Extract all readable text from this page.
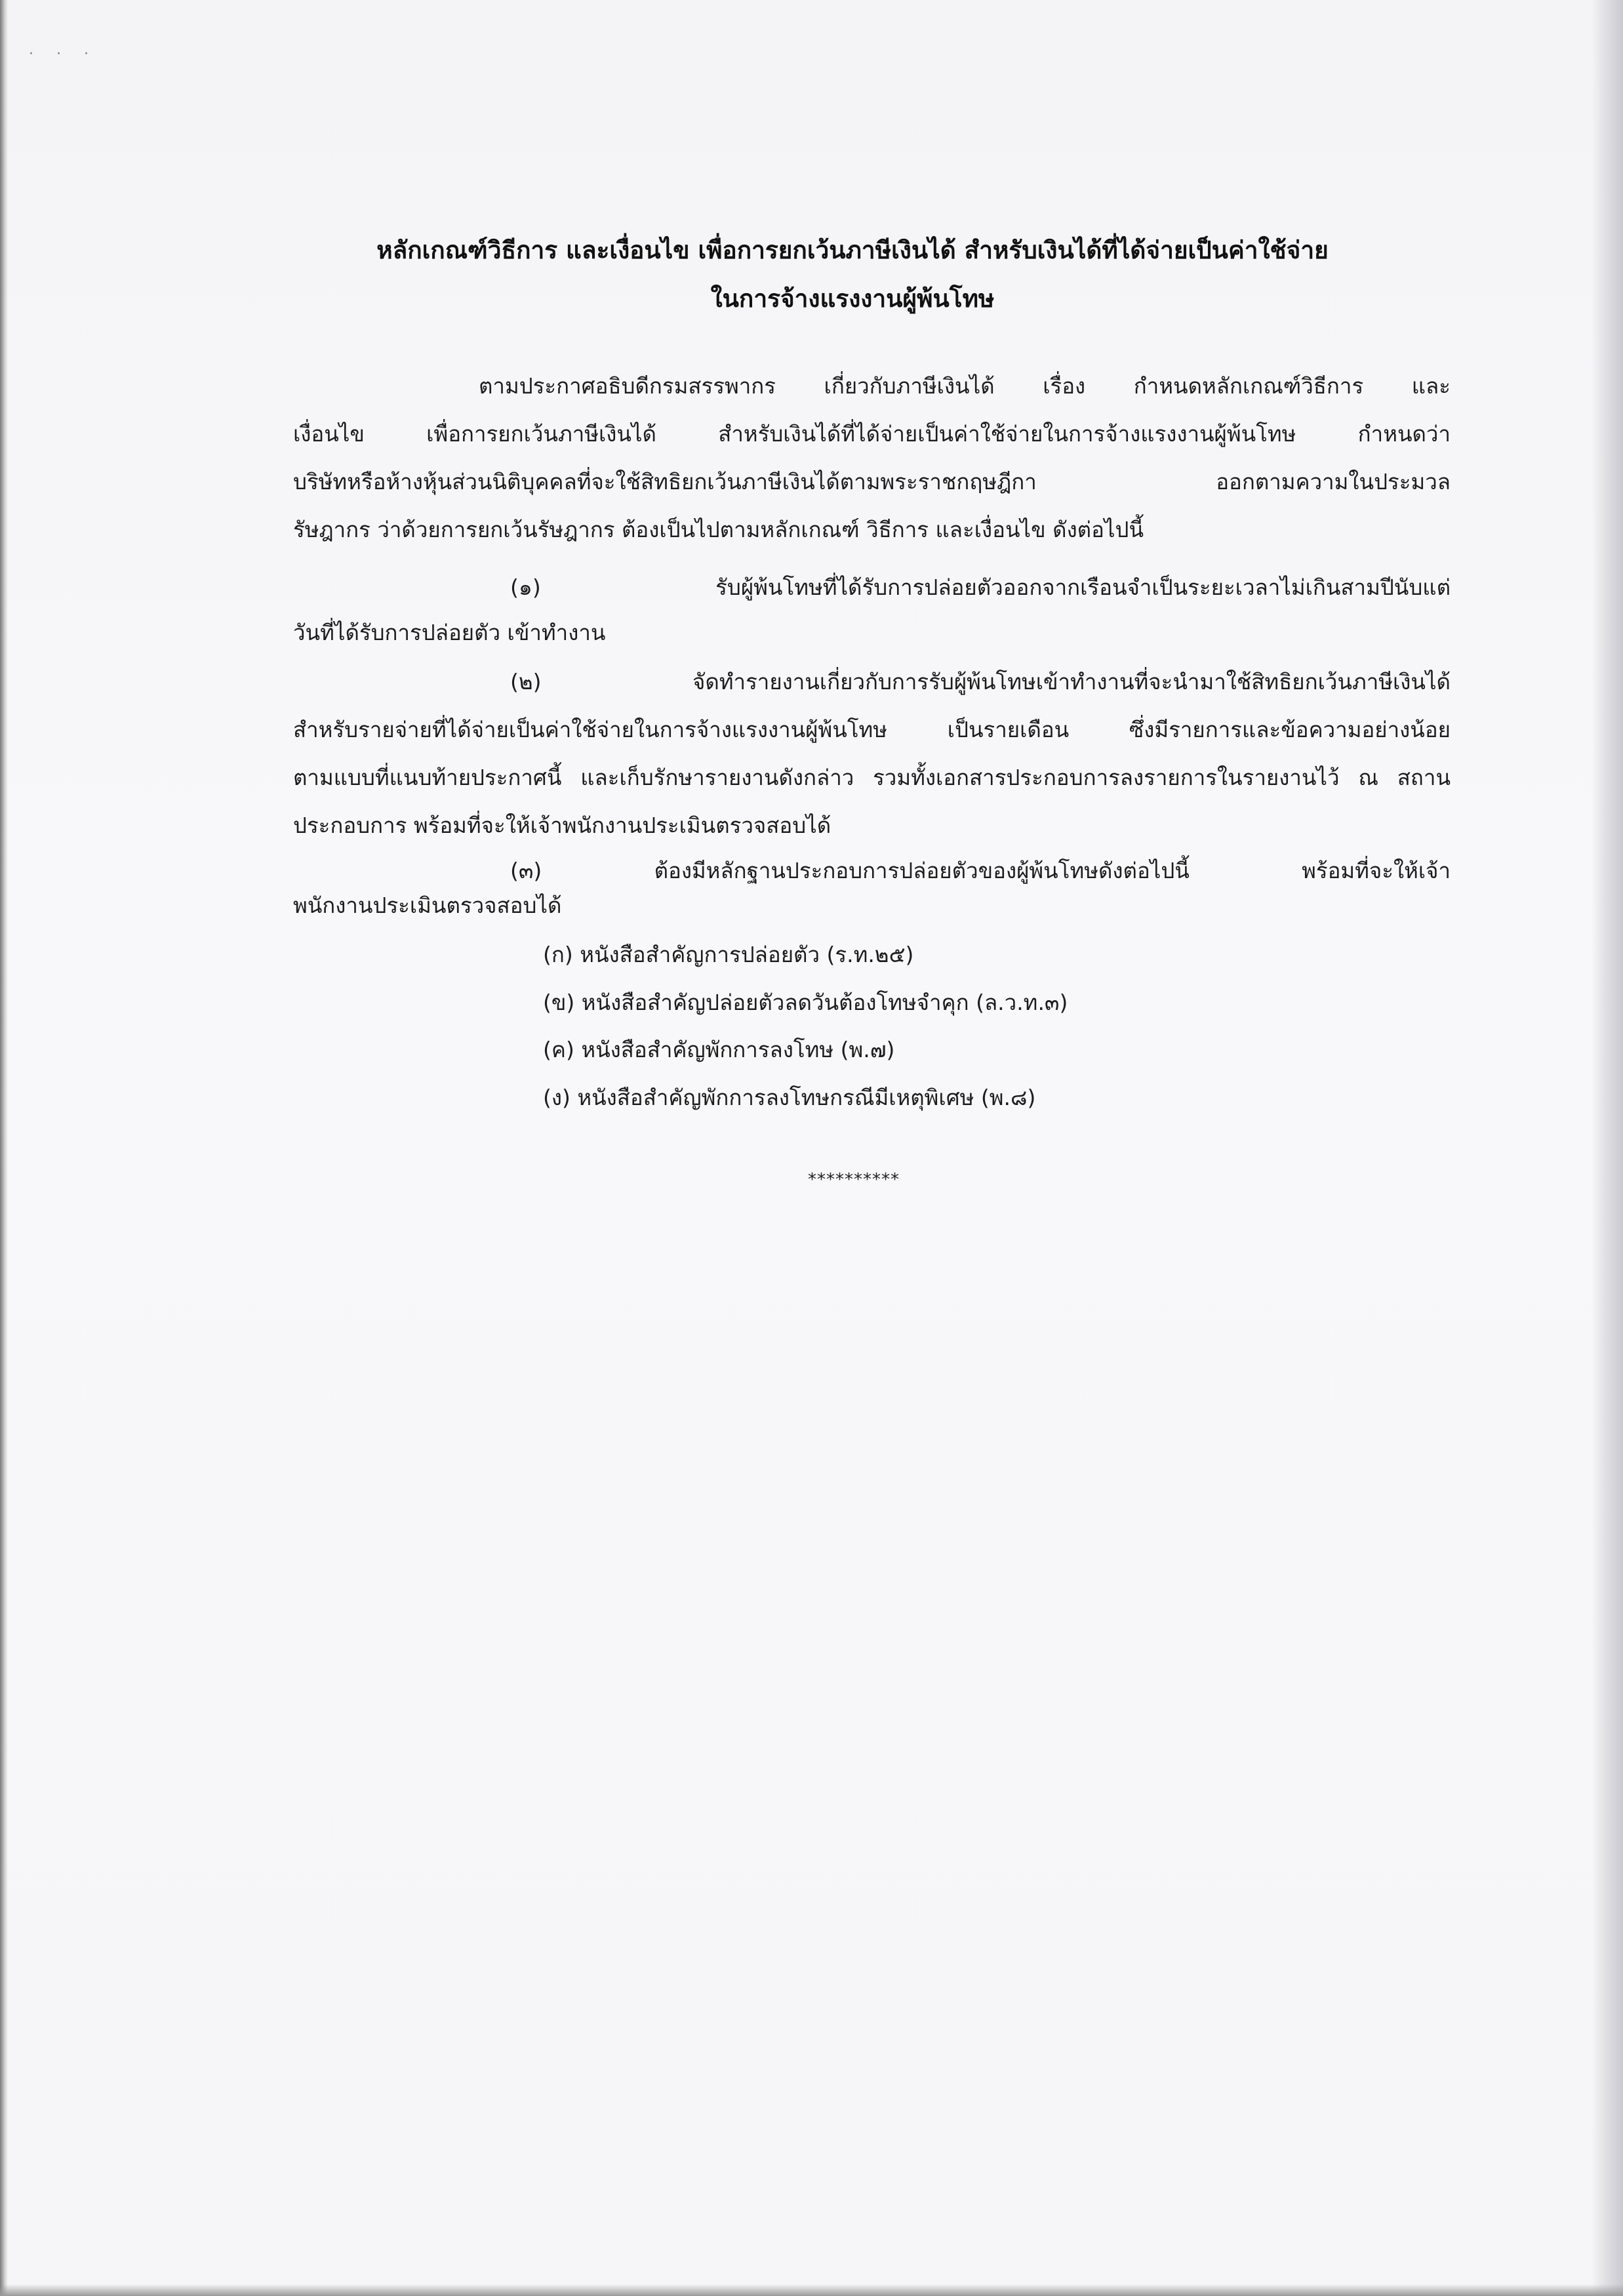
· · ·
หลักเกณฑ์วิธีการ และเงื่อนไข เพื่อการยกเว้นภาษีเงินได้ สำหรับเงินได้ที่ได้จ่ายเป็นค่าใช้จ่าย
ในการจ้างแรงงานผู้พ้นโทษ
ตามประกาศอธิบดีกรมสรรพากร เกี่ยวกับภาษีเงินได้ เรื่อง กำหนดหลักเกณฑ์วิธีการ และ
เงื่อนไข เพื่อการยกเว้นภาษีเงินได้ สำหรับเงินได้ที่ได้จ่ายเป็นค่าใช้จ่ายในการจ้างแรงงานผู้พ้นโทษ กำหนดว่า
บริษัทหรือห้างหุ้นส่วนนิติบุคคลที่จะใช้สิทธิยกเว้นภาษีเงินได้ตามพระราชกฤษฎีกา ออกตามความในประมวล
รัษฎากร ว่าด้วยการยกเว้นรัษฎากร ต้องเป็นไปตามหลักเกณฑ์ วิธีการ และเงื่อนไข ดังต่อไปนี้
(๑) รับผู้พ้นโทษที่ได้รับการปล่อยตัวออกจากเรือนจำเป็นระยะเวลาไม่เกินสามปีนับแต่
วันที่ได้รับการปล่อยตัว เข้าทำงาน
(๒) จัดทำรายงานเกี่ยวกับการรับผู้พ้นโทษเข้าทำงานที่จะนำมาใช้สิทธิยกเว้นภาษีเงินได้
สำหรับรายจ่ายที่ได้จ่ายเป็นค่าใช้จ่ายในการจ้างแรงงานผู้พ้นโทษ เป็นรายเดือน ซึ่งมีรายการและข้อความอย่างน้อย
ตามแบบที่แนบท้ายประกาศนี้ และเก็บรักษารายงานดังกล่าว รวมทั้งเอกสารประกอบการลงรายการในรายงานไว้ ณ สถาน
ประกอบการ พร้อมที่จะให้เจ้าพนักงานประเมินตรวจสอบได้
(๓) ต้องมีหลักฐานประกอบการปล่อยตัวของผู้พ้นโทษดังต่อไปนี้ พร้อมที่จะให้เจ้า
พนักงานประเมินตรวจสอบได้
(ก) หนังสือสำคัญการปล่อยตัว (ร.ท.๒๕)
(ข) หนังสือสำคัญปล่อยตัวลดวันต้องโทษจำคุก (ล.ว.ท.๓)
(ค) หนังสือสำคัญพักการลงโทษ (พ.๗)
(ง) หนังสือสำคัญพักการลงโทษกรณีมีเหตุพิเศษ (พ.๘)
**********
